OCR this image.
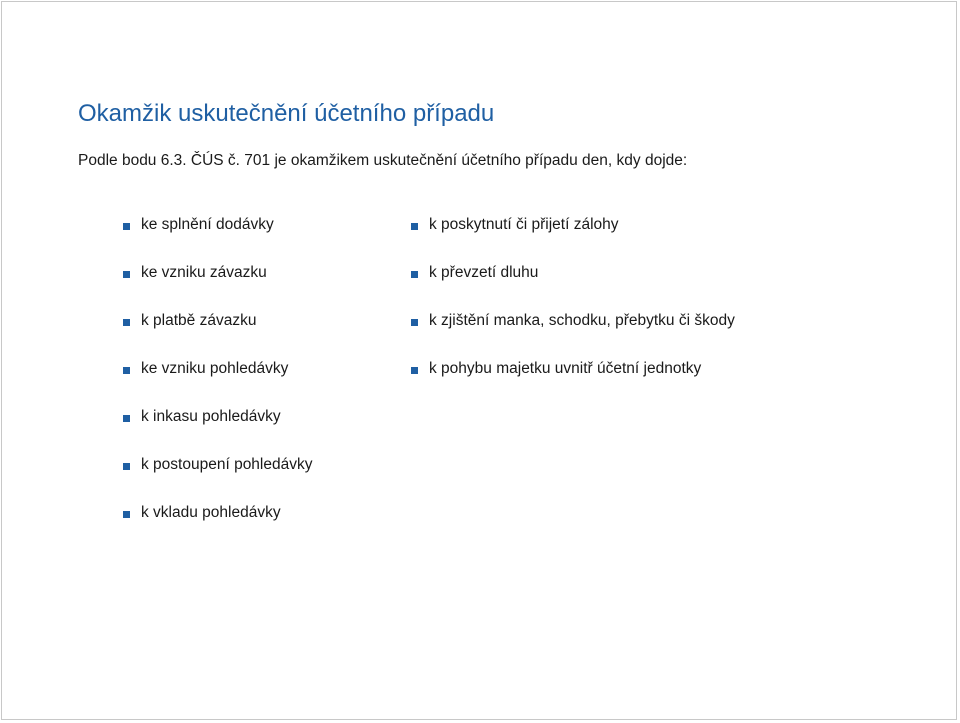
Okamžik uskutečnění účetního případu

Podle bodu 6.3. ČÚS č. 701 je okamžikem uskutečnění účetního případu den, kdy dojde:

ke splnění dodávky
ke vzniku závazku
k platbě závazku
ke vzniku pohledávky
k inkasu pohledávky
k postoupení pohledávky
k vkladu pohledávky
k poskytnutí či přijetí zálohy
k převzetí dluhu
k zjištění manka, schodku, přebytku či škody
k pohybu majetku uvnitř účetní jednotky
